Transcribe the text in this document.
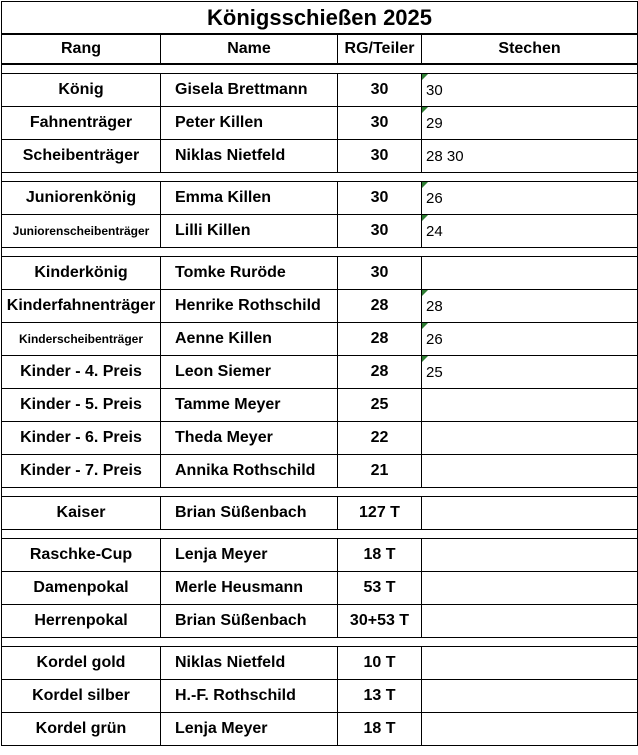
Königsschießen 2025			
Rang	Name	RG/Teiler	Stechen

König	Gisela Brettmann	30	30
Fahnenträger	Peter Killen	30	29
Scheibenträger	Niklas Nietfeld	30	28 30

Juniorenkönig	Emma Killen	30	26
Juniorenscheibenträger	Lilli Killen	30	24

Kinderkönig	Tomke Ruröde	30	
Kinderfahnenträger	Henrike Rothschild	28	28
Kinderscheibenträger	Aenne Killen	28	26
Kinder - 4. Preis	Leon Siemer	28	25
Kinder - 5. Preis	Tamme Meyer	25	
Kinder - 6. Preis	Theda Meyer	22	
Kinder - 7. Preis	Annika Rothschild	21	

Kaiser	Brian Süßenbach	127 T	

Raschke-Cup	Lenja Meyer	18 T	
Damenpokal	Merle Heusmann	53 T	
Herrenpokal	Brian Süßenbach	30+53 T	

Kordel gold	Niklas Nietfeld	10 T	
Kordel silber	H.-F. Rothschild	13 T	
Kordel grün	Lenja Meyer	18 T	
